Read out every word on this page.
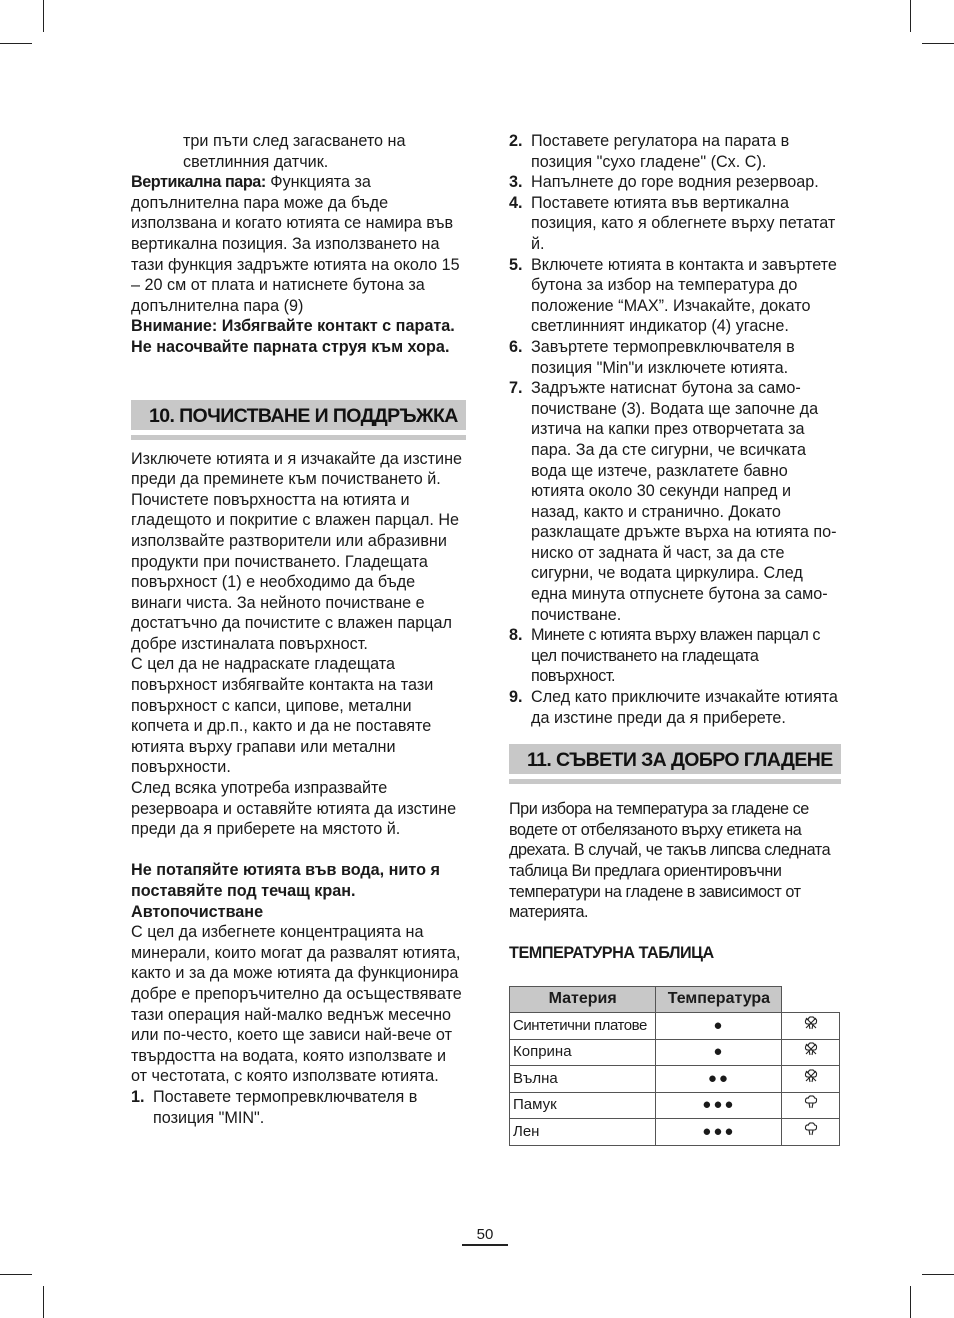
три пъти след загасването на светлинния датчик.

Вертикална пара: Функцията за допълнителна пара може да бъде използвана и когато ютията се намира във вертикална позиция. За използването на тази функция задръжте ютията на около 15 – 20 см от плата и натиснете бутона за допълнителна пара (9)

Внимание: Избягвайте контакт с парата. Не насочвайте парната струя към хора.

10. ПОЧИСТВАНЕ И ПОДДРЪЖКА

Изключете ютията и я изчакайте да изстине преди да преминете към почистването й.

Почистете повърхността на ютията и гладещото и покритие с влажен парцал. Не използвайте разтворители или абразивни продукти при почистването. Гладещата повърхност (1) е необходимо да бъде винаги чиста. За нейното почистване е достатъчно да почистите с влажен парцал добре изстиналата повърхност.

С цел да не надраскате гладещата повърхност избягвайте контакта на тази повърхност с капси, ципове, метални копчета и др.п., както и да не поставяте ютията върху грапави или метални повърхности.

След всяка употреба изпразвайте резервоара и оставяйте ютията да изстине преди да я приберете на мястото й.

Не потапяйте ютията във вода, нито я поставяйте под течащ кран.

Автопочистване

С цел да избегнете концентрацията на минерали, които могат да развалят ютията, както и за да може ютията да функционира добре е препоръчително да осъществявате тази операция най-малко веднъж месечно или по-често, което ще зависи най-вече от твърдостта на водата, която използвате и от честотата, с която използвате ютията.

1. Поставете термопревключвателя в позиция "MIN".
2. Поставете регулатора на парата в позиция "сухо гладене" (Сх. С).
3. Напълнете до горе водния резервоар.
4. Поставете ютията във вертикална позиция, като я облегнете върху петатат й.
5. Включете ютията в контакта и завъртете бутона за избор на температура до положение “MAX”. Изчакайте, докато светлинният индикатор (4) угасне.
6. Завъртете термопревключвателя в позиция "Min"и изключете ютията.
7. Задръжте натиснат бутона за само-почистване (3). Водата ще започне да изтича на капки през отворчетата за пара. За да сте сигурни, че всичката вода ще изтече, разклатете бавно ютията около 30 секунди напред и назад, както и странично. Докато разклащате дръжте върха на ютията по-ниско от задната й част, за да сте сигурни, че водата циркулира. След една минута отпуснете бутона за само-почистване.
8. Минете с ютията върху влажен парцал с цел почистването на гладещата повърхност.
9. След като приключите изчакайте ютията да изстине преди да я приберете.
11. СЪВЕТИ ЗА ДОБРО ГЛАДЕНЕ

При избора на температура за гладене се водете от отбелязаното върху етикета на дрехата. В случай, че такъв липсва следната таблица Ви предлага ориентировъчни температури на гладене в зависимост от материята.

ТЕМПЕРАТУРНА ТАБЛИЦА

Материя	Температура	
Синтетични платове	●	
Коприна	●	
Вълна	●●	
Памук	●●●	
Лен	●●●	
50
